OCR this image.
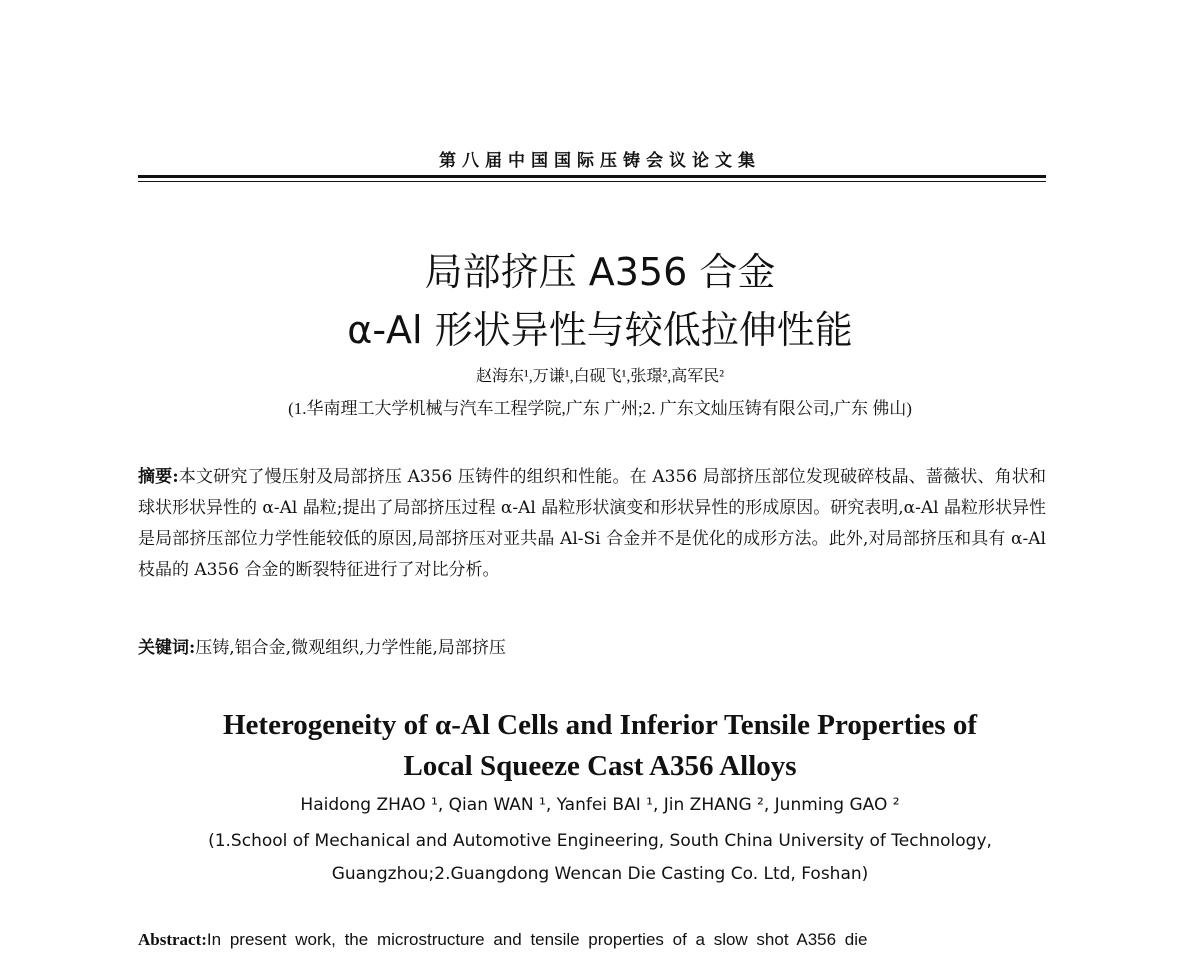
第八届中国国际压铸会议论文集
局部挤压 A356 合金
α-Al 形状异性与较低拉伸性能
赵海东¹,万谦¹,白砚飞¹,张璟²,高军民²
(1.华南理工大学机械与汽车工程学院,广东 广州;2. 广东文灿压铸有限公司,广东 佛山)
摘要:本文研究了慢压射及局部挤压 A356 压铸件的组织和性能。在 A356 局部挤压部位发现破碎枝晶、蔷薇状、角状和球状形状异性的 α-Al 晶粒;提出了局部挤压过程 α-Al 晶粒形状演变和形状异性的形成原因。研究表明,α-Al 晶粒形状异性是局部挤压部位力学性能较低的原因,局部挤压对亚共晶 Al-Si 合金并不是优化的成形方法。此外,对局部挤压和具有 α-Al 枝晶的 A356 合金的断裂特征进行了对比分析。
关键词:压铸,铝合金,微观组织,力学性能,局部挤压
Heterogeneity of α-Al Cells and Inferior Tensile Properties of
Local Squeeze Cast A356 Alloys
Haidong ZHAO ¹, Qian WAN ¹, Yanfei BAI ¹, Jin ZHANG ², Junming GAO ²
(1.School of Mechanical and Automotive Engineering, South China University of Technology,
Guangzhou;2.Guangdong Wencan Die Casting Co. Ltd, Foshan)
Abstract:In present work, the microstructure and tensile properties of a slow shot A356 die
